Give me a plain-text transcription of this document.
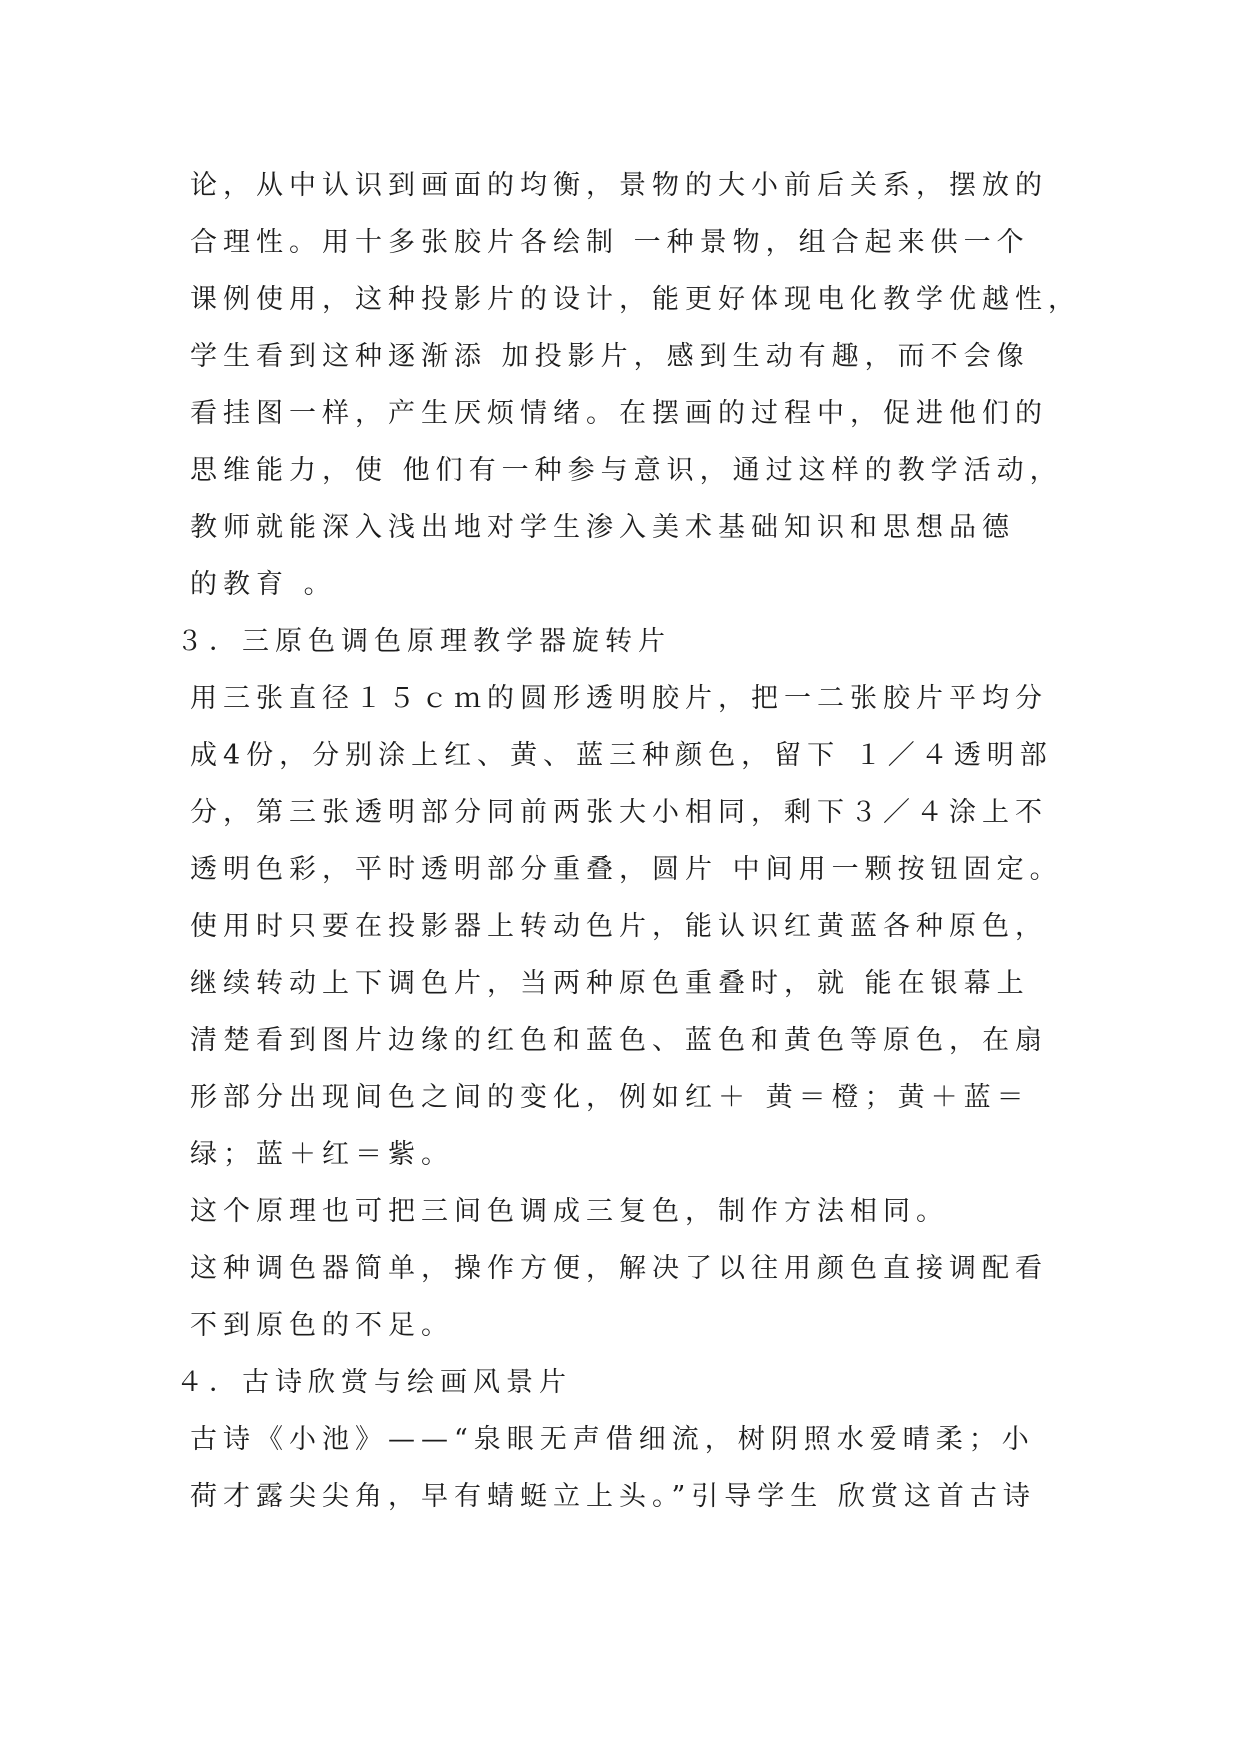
论，从中认识到画面的均衡，景物的大小前后关系，摆放的

合理性。用十多张胶片各绘制 一种景物，组合起来供一个

课例使用，这种投影片的设计，能更好体现电化教学优越性，

学生看到这种逐渐添 加投影片，感到生动有趣，而不会像

看挂图一样，产生厌烦情绪。在摆画的过程中，促进他们的

思维能力，使 他们有一种参与意识，通过这样的教学活动，

教师就能深入浅出地对学生渗入美术基础知识和思想品德

的教育 。

３．三原色调色原理教学器旋转片

用三张直径１５ｃｍ的圆形透明胶片，把一二张胶片平均分

成4份，分别涂上红、黄、蓝三种颜色，留下 １／４透明部

分，第三张透明部分同前两张大小相同，剩下３／４涂上不

透明色彩，平时透明部分重叠，圆片 中间用一颗按钮固定。

使用时只要在投影器上转动色片，能认识红黄蓝各种原色，

继续转动上下调色片，当两种原色重叠时，就 能在银幕上

清楚看到图片边缘的红色和蓝色、蓝色和黄色等原色，在扇

形部分出现间色之间的变化，例如红＋ 黄＝橙；黄＋蓝＝

绿；蓝＋红＝紫。

这个原理也可把三间色调成三复色，制作方法相同。

这种调色器简单，操作方便，解决了以往用颜色直接调配看

不到原色的不足。

４．古诗欣赏与绘画风景片

古诗《小池》——“泉眼无声借细流，树阴照水爱晴柔；小

荷才露尖尖角，早有蜻蜓立上头。”引导学生 欣赏这首古诗
